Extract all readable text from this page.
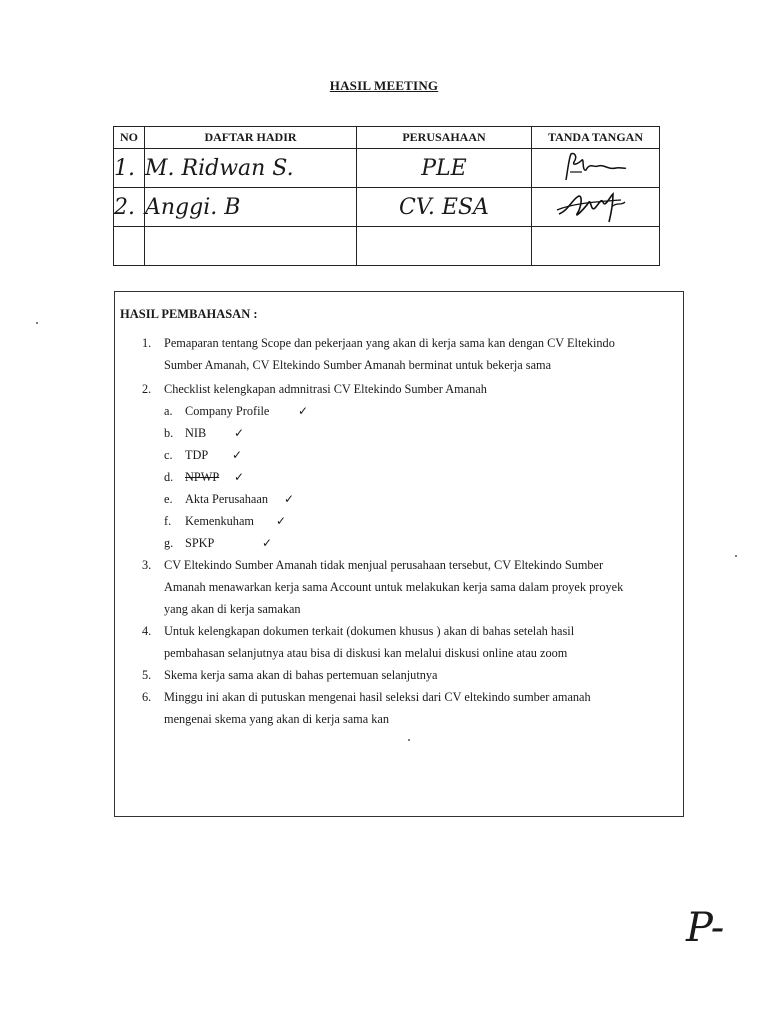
HASIL MEETING
NO	DAFTAR HADIR	PERUSAHAAN	TANDA TANGAN
1.	M. Ridwan S.	PLE	

2.	Anggi. B	CV. ESA	

HASIL PEMBAHASAN :
1. Pemaparan tentang Scope dan pekerjaan yang akan di kerja sama kan dengan CV Eltekindo
Sumber Amanah, CV Eltekindo Sumber Amanah berminat untuk bekerja sama
2. Checklist kelengkapan admnitrasi CV Eltekindo Sumber Amanah
a. Company Profile ✓
b. NIB ✓
c. TDP ✓
d. NPWP ✓
e. Akta Perusahaan ✓
f. Kemenkuham ✓
g. SPKP	✓
3. CV Eltekindo Sumber Amanah tidak menjual perusahaan tersebut, CV Eltekindo Sumber
Amanah menawarkan kerja sama Account untuk melakukan kerja sama dalam proyek proyek
yang akan di kerja samakan
4. Untuk kelengkapan dokumen terkait (dokumen khusus ) akan di bahas setelah hasil
pembahasan selanjutnya atau bisa di diskusi kan melalui diskusi online atau zoom
5. Skema kerja sama akan di bahas pertemuan selanjutnya
6. Minggu ini akan di putuskan mengenai hasil seleksi dari CV eltekindo sumber amanah
mengenai skema yang akan di kerja sama kan
P-
